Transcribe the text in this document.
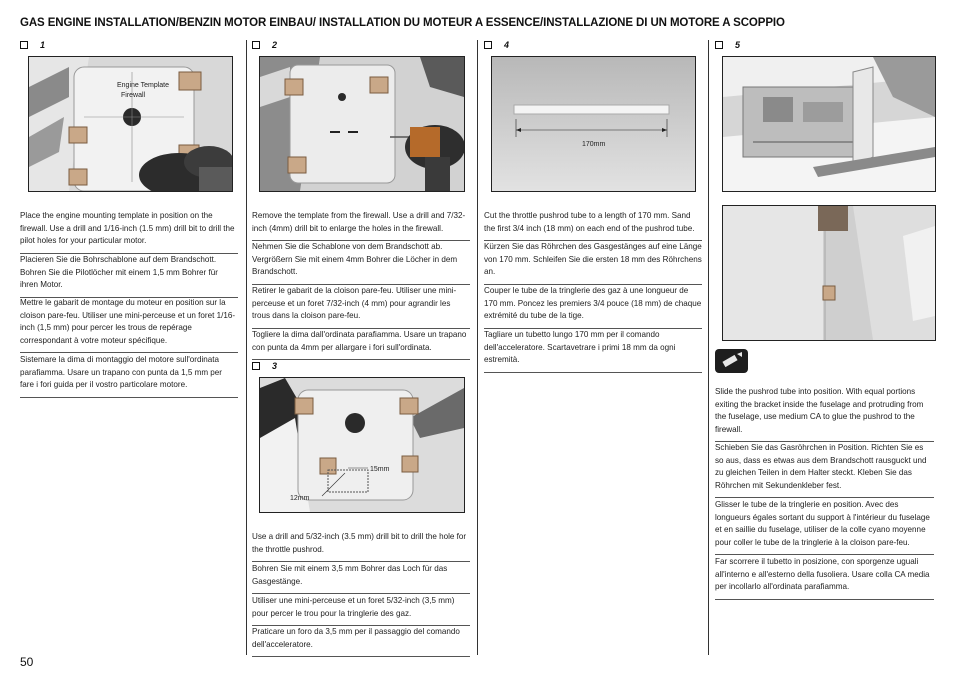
GAS ENGINE INSTALLATION/BENZIN MOTOR EINBAU/ INSTALLATION DU MOTEUR A ESSENCE/INSTALLAZIONE DI UN MOTORE A SCOPPIO
1
Engine Template
Firewall

Place the engine mounting template in position on the firewall. Use a drill and 1/16-inch (1.5 mm) drill bit to drill the pilot holes for your particular motor.

Placieren Sie die Bohrschablone auf dem Brandschott. Bohren Sie die Pilotlöcher mit einem 1,5 mm Bohrer für ihren Motor.

Mettre le gabarit de montage du moteur en position sur la cloison pare-feu. Utiliser une mini-perceuse et un foret 1/16-inch (1,5 mm) pour percer les trous de repérage correspondant à votre moteur spécifique.

Sistemare la dima di montaggio del motore sull'ordinata parafiamma. Usare un trapano con punta da 1,5 mm per fare i fori guida per il vostro particolare motore.

50
2

Remove the template from the firewall. Use a drill and 7/32-inch (4mm) drill bit to enlarge the holes in the firewall.

Nehmen Sie die Schablone von dem Brandschott ab. Vergrößern Sie mit einem 4mm Bohrer die Löcher in dem Brandschott.

Retirer le gabarit de la cloison pare-feu. Utiliser une mini-perceuse et un foret 7/32-inch (4 mm) pour agrandir les trous dans la cloison pare-feu.

Togliere la dima dall'ordinata parafiamma. Usare un trapano con punta da 4mm per allargare i fori sull'ordinata.

3
15mm
12mm

Use a drill and 5/32-inch (3.5 mm) drill bit to drill the hole for the throttle pushrod.

Bohren Sie mit einem 3,5 mm Bohrer das Loch für das Gasgestänge.

Utiliser une mini-perceuse et un foret 5/32-inch (3,5 mm) pour percer le trou pour la tringlerie des gaz.

Praticare un foro da 3,5 mm per il passaggio del comando dell'acceleratore.

4
170mm

Cut the throttle pushrod tube to a length of 170 mm. Sand the first 3/4 inch (18 mm) on each end of the pushrod tube.

Kürzen Sie das Röhrchen des Gasgestänges auf eine Länge von 170 mm. Schleifen Sie die ersten 18 mm des Röhrchens an.

Couper le tube de la tringlerie des gaz à une longueur de 170 mm. Poncez les premiers 3/4 pouce (18 mm) de chaque extrémité du tube de la tige.

Tagliare un tubetto lungo 170 mm per il comando dell'acceleratore. Scartavetrare i primi 18 mm da ogni estremità.

5

Slide the pushrod tube into position. With equal portions exiting the bracket inside the fuselage and protruding from the fuselage, use medium CA to glue the pushrod to the firewall.

Schieben Sie das Gasröhrchen in Position. Richten Sie es so aus, dass es etwas aus dem Brandschott rausguckt und zu gleichen Teilen in dem Halter steckt. Kleben Sie das Röhrchen mit Sekundenkleber fest.

Glisser le tube de la tringlerie en position. Avec des longueurs égales sortant du support à l'intérieur du fuselage et en saillie du fuselage, utiliser de la colle cyano moyenne pour coller le tube de la tringlerie à la cloison pare-feu.

Far scorrere il tubetto in posizione, con sporgenze uguali all'interno e all'esterno della fusoliera. Usare colla CA media per incollarlo all'ordinata parafiamma.
